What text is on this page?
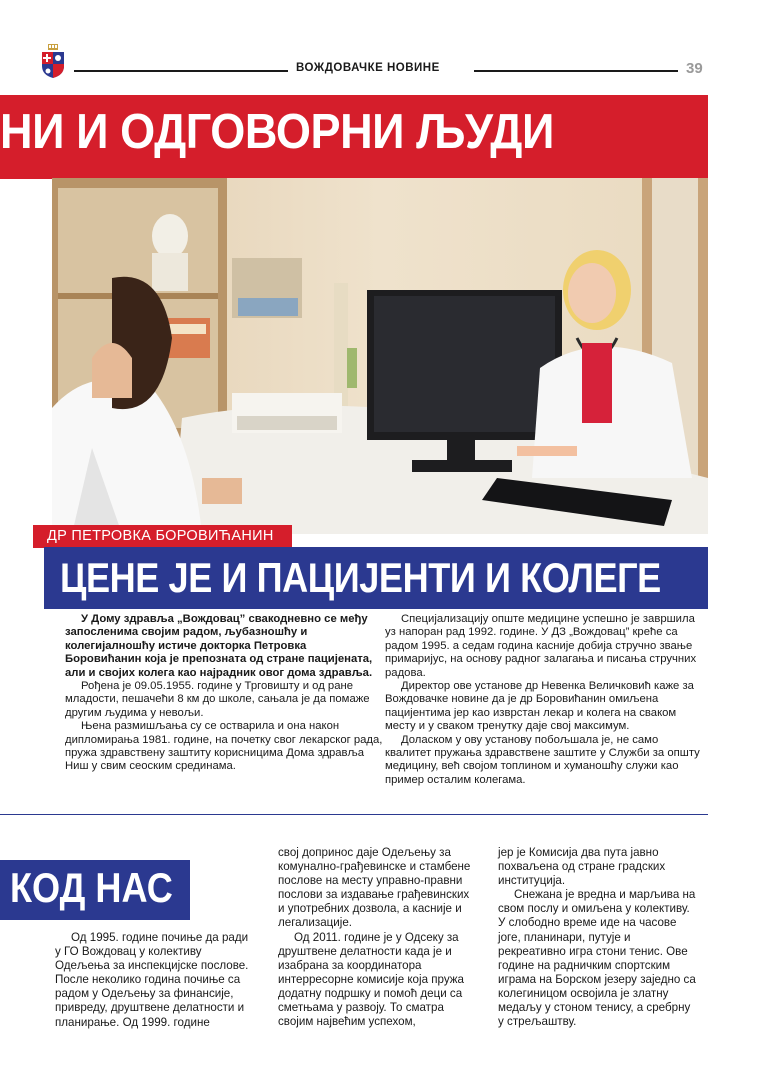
ВОЖДОВАЧКЕ НОВИНЕ	39
НИ И ОДГОВОРНИ ЉУДИ
ДР ПЕТРОВКА БОРОВИЋАНИН
ЦЕНЕ ЈЕ И ПАЦИЈЕНТИ И КОЛЕГЕ

У Дому здравља „Вождовац” свакодневно се међу запосленима својим радом, љубазношћу и колегијалношћу истиче докторка Петровка Боровићанин која је препозната од стране пацијената, али и својих колега као најрадник овог дома здравља.

Рођена је 09.05.1955. године у Трговишту и од ране младости, пешачећи 8 км до школе, сањала је да помаже другим људима у невољи.

Њена размишљања су се остварила и она након дипломирања 1981. године, на почетку свог лекарског рада, пружа здравствену заштиту корисницима Дома здравља Ниш у свим сеоским срединама.

Специјализацију опште медицине успешно је завршила уз напоран рад 1992. године. У ДЗ „Вождовац” креће са радом 1995. а седам година касније добија стручно звање примаријус, на основу радног залагања и писања стручних радова.

Директор ове установе др Невенка Величковић каже за Вождовачке новине да је др Боровићанин омиљена пацијентима јер као изврстан лекар и колега на сваком месту и у сваком тренутку даје свој максимум.

Доласком у ову установу побољшала је, не само квалитет пружања здравствене заштите у Служби за општу медицину, већ својом топлином и хуманошћу служи као пример осталим колегама.

КОД НАС

Од 1995. године почиње да ради у ГО Вождовац у колективу Одељења за инспекцијске послове. После неколико година почиње са радом у Одељењу за финансије, привреду, друштвене делатности и планирање. Од 1999. године

свој допринос даје Одељењу за комунално-грађевинске и стамбене послове на месту управно-правни послови за издавање грађевинских и употребних дозвола, а касније и легализације.

Од 2011. године је у Одсеку за друштвене делатности када је и изабрана за координатора интерресорне комисије која пружа додатну подршку и помоћ деци са сметњама у развоју. То сматра својим највећим успехом,

јер је Комисија два пута јавно похваљена од стране градских институција.

Снежана је вредна и марљива на свом послу и омиљена у колективу. У слободно време иде на часове јоге, планинари, путује и рекреативно игра стони тенис. Ове године на радничким спортским играма на Борском језеру заједно са колегиницом освојила је златну медаљу у стоном тенису, а сребрну у стрељаштву.
